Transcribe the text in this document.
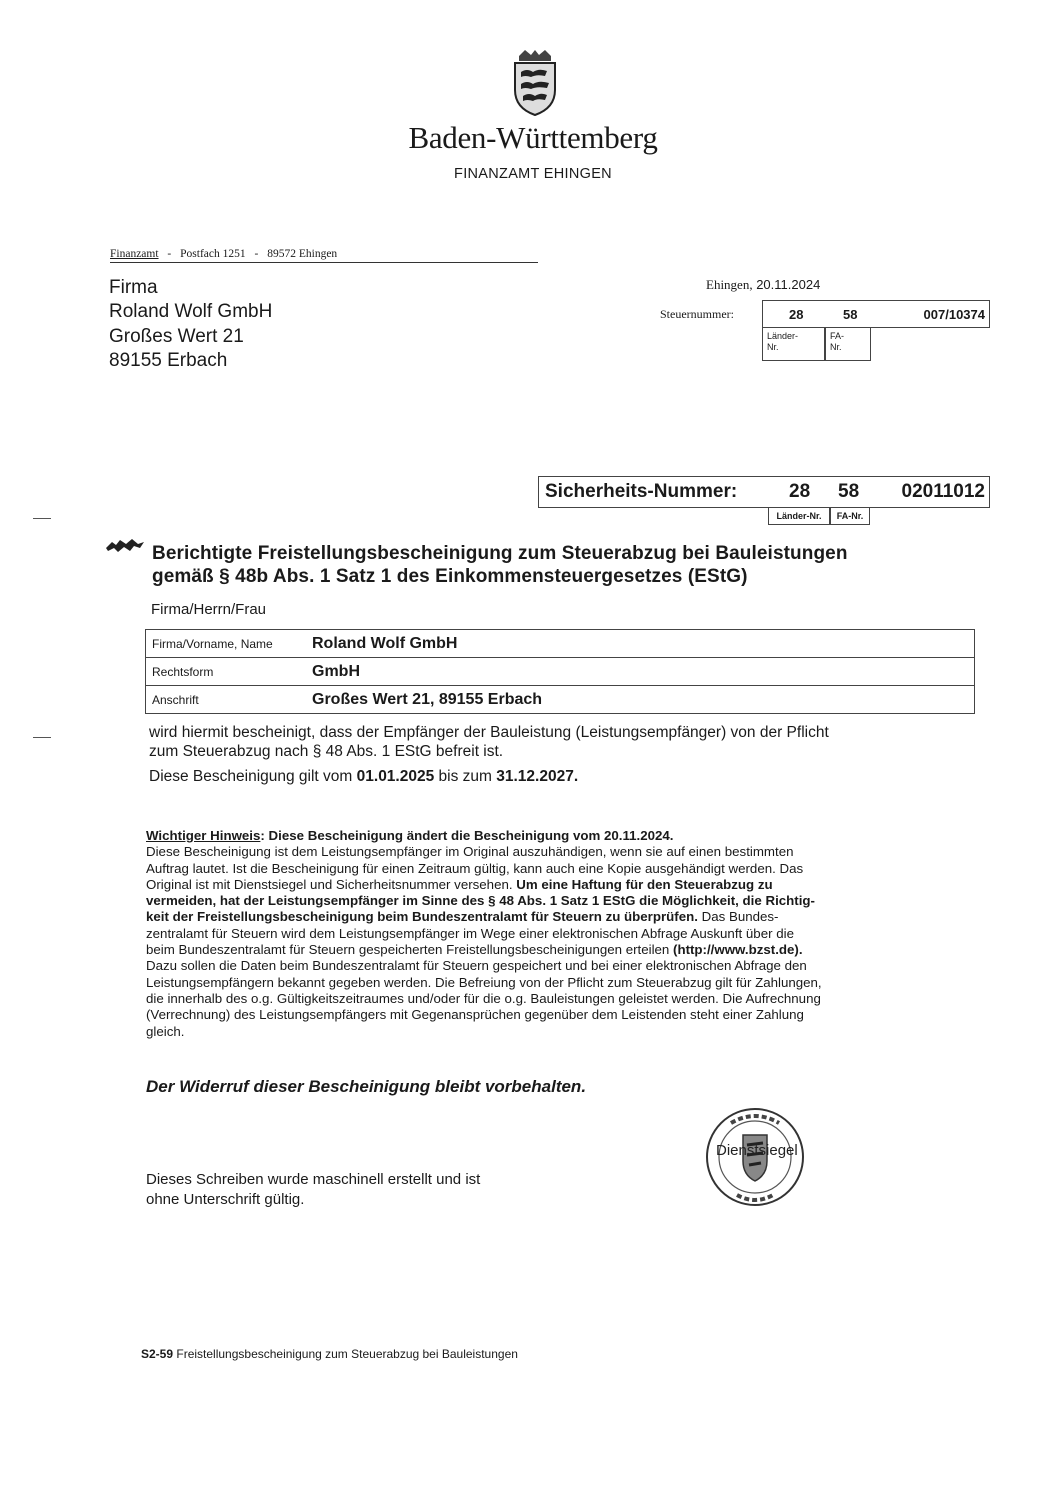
Baden-Württemberg
FINANZAMT EHINGEN
Finanzamt - Postfach 1251 - 89572 Ehingen
Firma
Roland Wolf GmbH
Großes Wert 21
89155 Erbach
Ehingen, 20.11.2024
Steuernummer:	28	58	007/10374
Länder-
Nr.
FA-
Nr.
Sicherheits-Nummer:	28 58 02011012
Länder-Nr.	FA-Nr.
Berichtigte Freistellungsbescheinigung zum Steuerabzug bei Bauleistungen
gemäß § 48b Abs. 1 Satz 1 des Einkommensteuergesetzes (EStG)
Firma/Herrn/Frau
Firma/Vorname, Name	Roland Wolf GmbH
Rechtsform	GmbH
Anschrift	Großes Wert 21, 89155 Erbach
wird hiermit bescheinigt, dass der Empfänger der Bauleistung (Leistungsempfänger) von der Pflicht
zum Steuerabzug nach § 48 Abs. 1 EStG befreit ist.
Diese Bescheinigung gilt vom 01.01.2025 bis zum 31.12.2027.
Wichtiger Hinweis: Diese Bescheinigung ändert die Bescheinigung vom 20.11.2024.
Diese Bescheinigung ist dem Leistungsempfänger im Original auszuhändigen, wenn sie auf einen bestimmten
Auftrag lautet. Ist die Bescheinigung für einen Zeitraum gültig, kann auch eine Kopie ausgehändigt werden. Das
Original ist mit Dienstsiegel und Sicherheitsnummer versehen. Um eine Haftung für den Steuerabzug zu
vermeiden, hat der Leistungsempfänger im Sinne des § 48 Abs. 1 Satz 1 EStG die Möglichkeit, die Richtig-
keit der Freistellungsbescheinigung beim Bundeszentralamt für Steuern zu überprüfen. Das Bundes-
zentralamt für Steuern wird dem Leistungsempfänger im Wege einer elektronischen Abfrage Auskunft über die
beim Bundeszentralamt für Steuern gespeicherten Freistellungsbescheinigungen erteilen (http://www.bzst.de).
Dazu sollen die Daten beim Bundeszentralamt für Steuern gespeichert und bei einer elektronischen Abfrage den
Leistungsempfängern bekannt gegeben werden. Die Befreiung von der Pflicht zum Steuerabzug gilt für Zahlungen,
die innerhalb des o.g. Gültigkeitszeitraumes und/oder für die o.g. Bauleistungen geleistet werden. Die Aufrechnung
(Verrechnung) des Leistungsempfängers mit Gegenansprüchen gegenüber dem Leistenden steht einer Zahlung
gleich.
Der Widerruf dieser Bescheinigung bleibt vorbehalten.
Dieses Schreiben wurde maschinell erstellt und ist
ohne Unterschrift gültig.
Dienstsiegel
S2-59 Freistellungsbescheinigung zum Steuerabzug bei Bauleistungen
